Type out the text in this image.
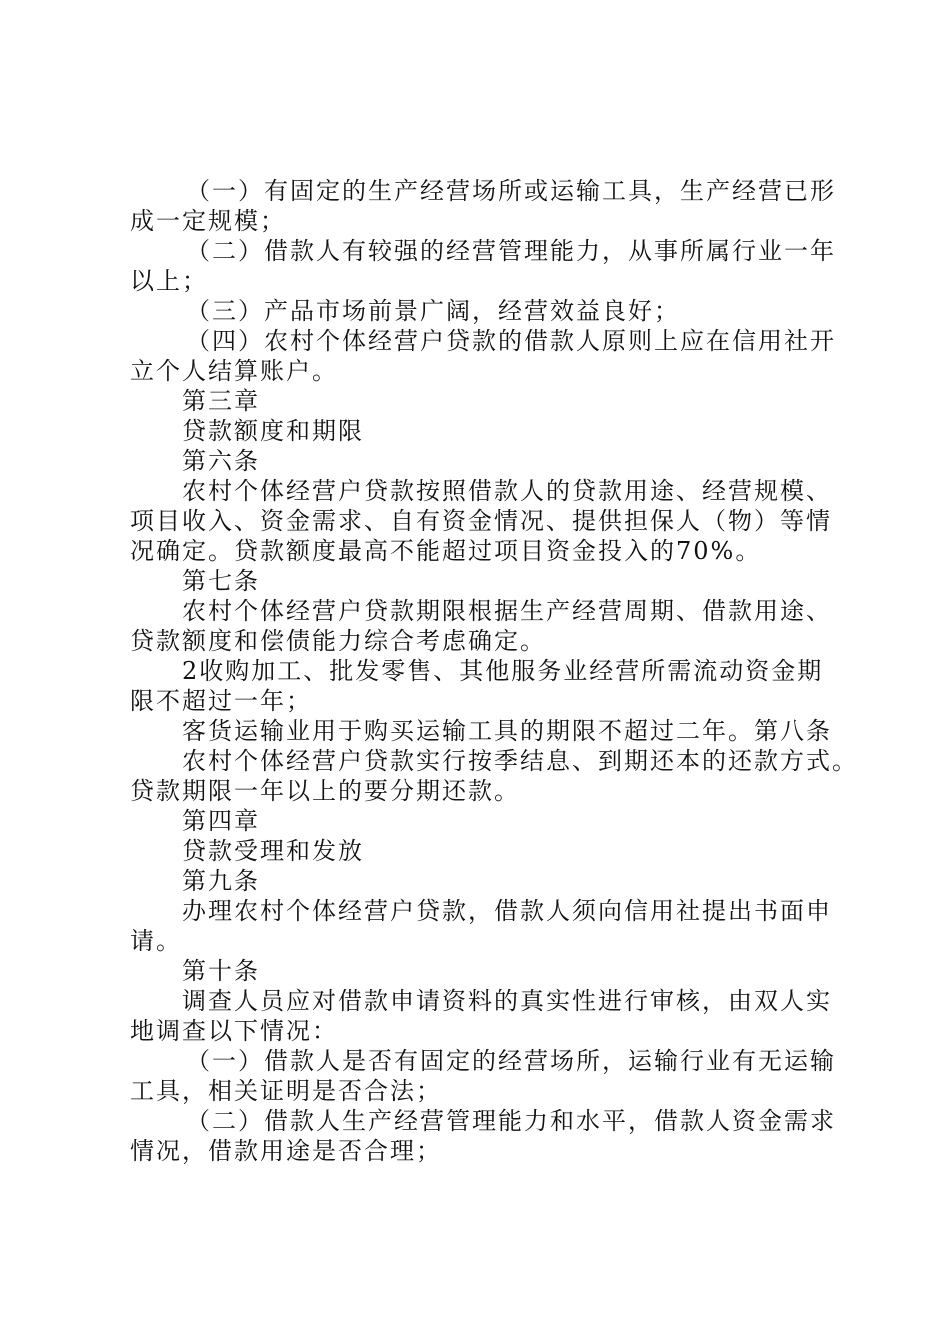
（一）有固定的生产经营场所或运输工具，生产经营已形
成一定规模；
（二）借款人有较强的经营管理能力，从事所属行业一年
以上；
（三）产品市场前景广阔，经营效益良好；
（四）农村个体经营户贷款的借款人原则上应在信用社开
立个人结算账户。
第三章
贷款额度和期限
第六条
农村个体经营户贷款按照借款人的贷款用途、经营规模、
项目收入、资金需求、自有资金情况、提供担保人（物）等情
况确定。贷款额度最高不能超过项目资金投入的70%。
第七条
农村个体经营户贷款期限根据生产经营周期、借款用途、
贷款额度和偿债能力综合考虑确定。
2收购加工、批发零售、其他服务业经营所需流动资金期
限不超过一年；
客货运输业用于购买运输工具的期限不超过二年。第八条
农村个体经营户贷款实行按季结息、到期还本的还款方式。
贷款期限一年以上的要分期还款。
第四章
贷款受理和发放
第九条
办理农村个体经营户贷款，借款人须向信用社提出书面申
请。
第十条
调查人员应对借款申请资料的真实性进行审核，由双人实
地调查以下情况：
（一）借款人是否有固定的经营场所，运输行业有无运输
工具，相关证明是否合法；
（二）借款人生产经营管理能力和水平，借款人资金需求
情况，借款用途是否合理；
